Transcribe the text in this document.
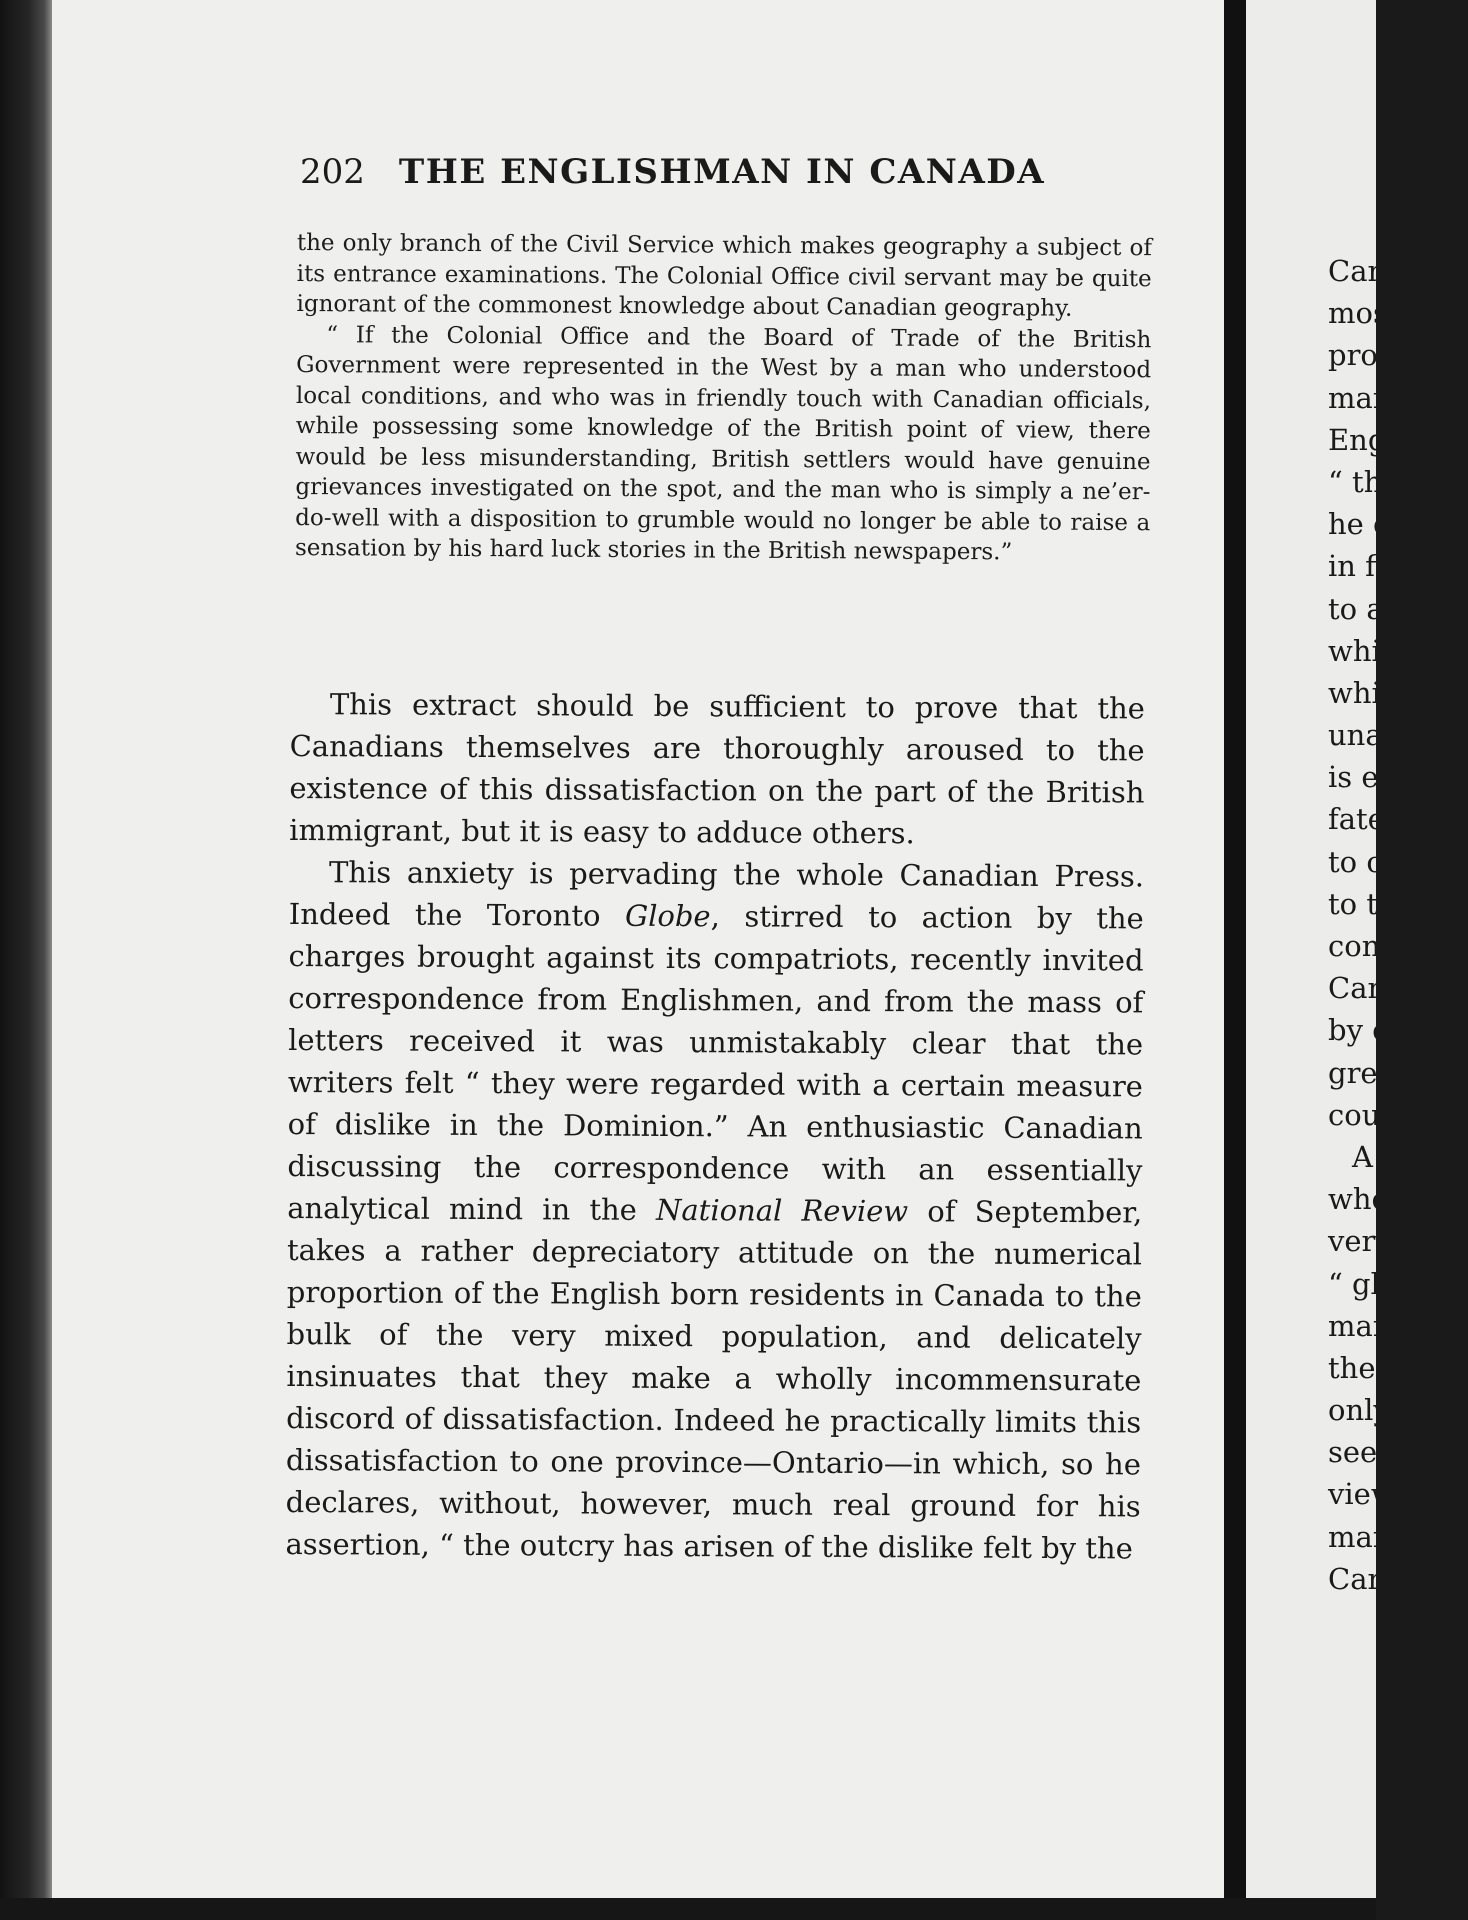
202 THE ENGLISHMAN IN CANADA

the only branch of the Civil Service which makes geography a subject of its entrance examinations. The Colonial Office civil servant may be quite ignorant of the commonest knowledge about Canadian geography.

“ If the Colonial Office and the Board of Trade of the British Government were represented in the West by a man who understood local conditions, and who was in friendly touch with Canadian officials, while possessing some knowledge of the British point of view, there would be less misunderstanding, British settlers would have genuine grievances investigated on the spot, and the man who is simply a ne’er-do-well with a disposition to grumble would no longer be able to raise a sensation by his hard luck stories in the British newspapers.”

This extract should be sufficient to prove that the Canadians themselves are thoroughly aroused to the existence of this dissatisfaction on the part of the British immigrant, but it is easy to adduce others.

This anxiety is pervading the whole Canadian Press. Indeed the Toronto Globe, stirred to action by the charges brought against its compatriots, recently invited correspondence from Englishmen, and from the mass of letters received it was unmistakably clear that the writers felt “ they were regarded with a certain measure of dislike in the Dominion.” An enthusiastic Canadian discussing the correspondence with an essentially analytical mind in the National Review of September, takes a rather depreciatory attitude on the numerical proportion of the English born residents in Canada to the bulk of the very mixed population, and delicately insinuates that they make a wholly incommensurate discord of dissatisfaction. Indeed he practically limits this dissatisfaction to one province—Ontario—in which, so he declares, without, however, much real ground for his assertion, “ the outcry has arisen of the dislike felt by the

Cana
most
prov
man
Engl
“ the
he c
in fi
to a
whic
whic
unac
is e
fate
to o
to t
cons
Can
by c
grea
cour
A
who
very
“ gl
mar
the
only
see
view
mar
Car
